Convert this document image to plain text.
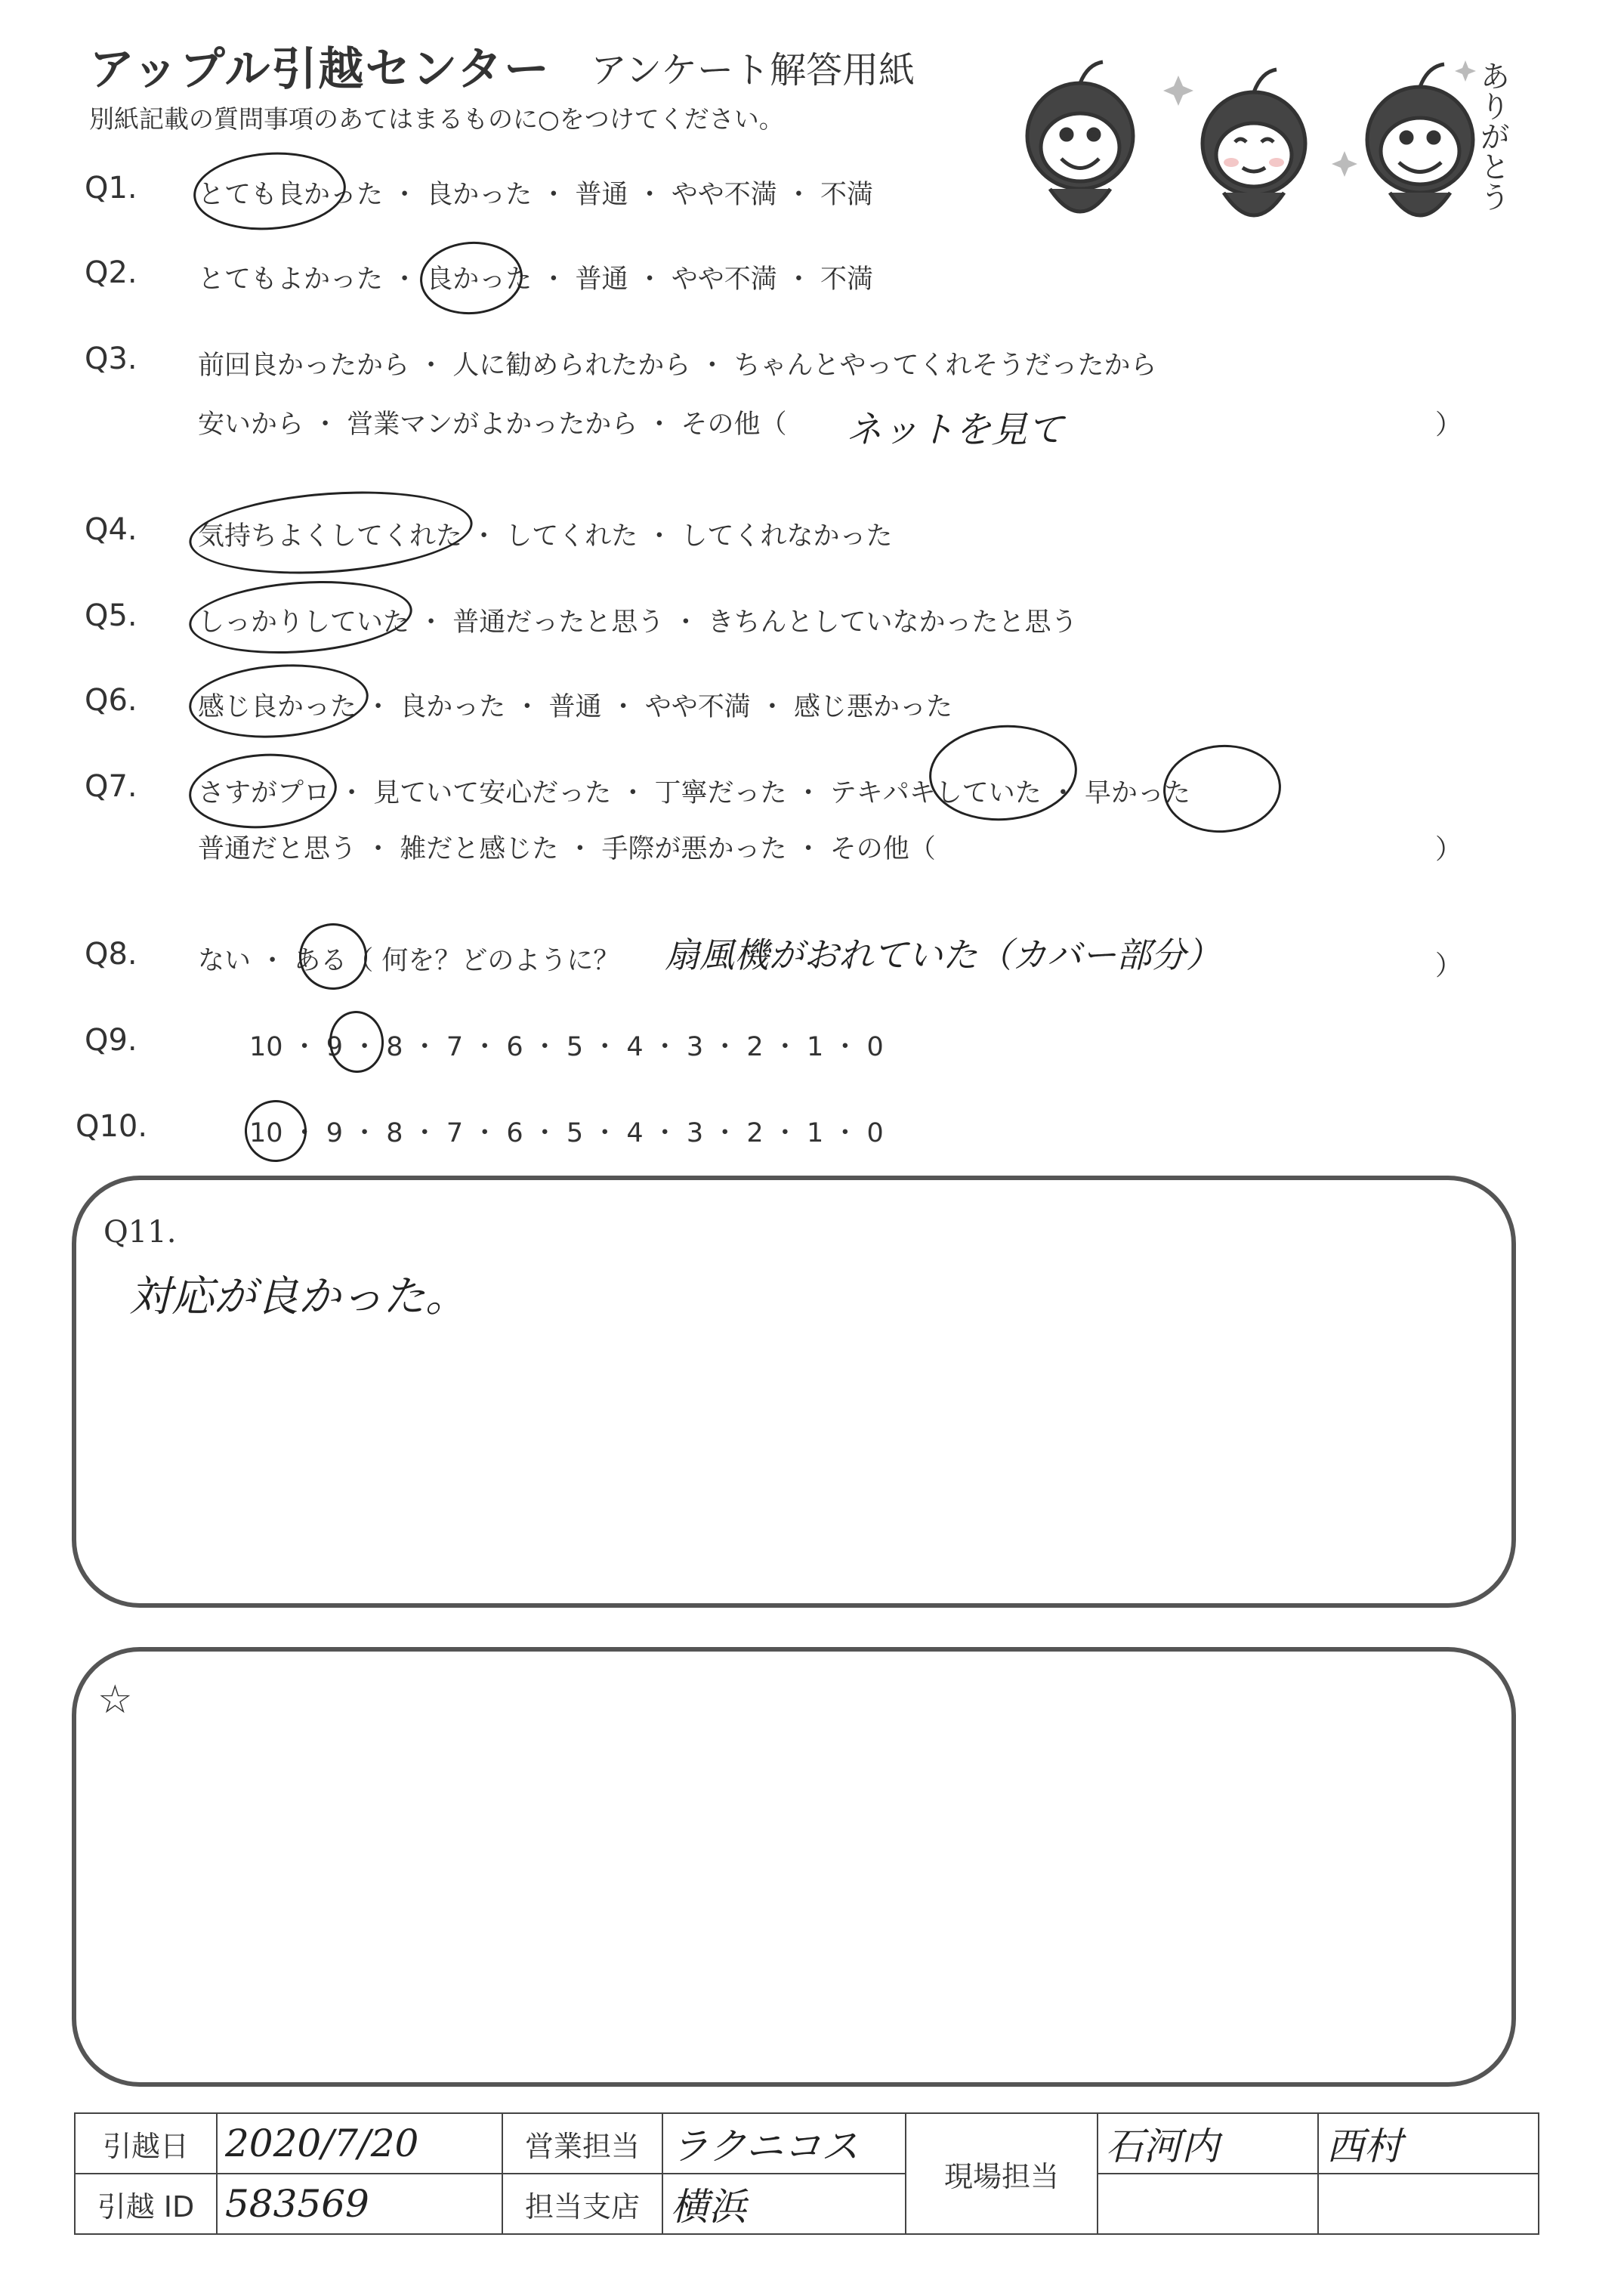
アップル引越センター アンケート解答用紙
別紙記載の質問事項のあてはまるものに○をつけてください。	ありがとう
Q1. とても良かった ・ 良かった ・ 普通 ・ やや不満 ・ 不満
Q2. とてもよかった ・ 良かった ・ 普通 ・ やや不満 ・ 不満
Q3. 前回良かったから ・ 人に勧められたから ・ ちゃんとやってくれそうだったから
安いから ・ 営業マンがよかったから ・ その他（ ネットを見て	）
Q4. 気持ちよくしてくれた ・ してくれた ・ してくれなかった
Q5. しっかりしていた ・ 普通だったと思う ・ きちんとしていなかったと思う
Q6. 感じ良かった ・ 良かった ・ 普通 ・ やや不満 ・ 感じ悪かった
Q7. さすがプロ ・ 見ていて安心だった ・ 丁寧だった ・ テキパキしていた ・ 早かった
普通だと思う ・ 雑だと感じた ・ 手際が悪かった ・ その他（	）
Q8. ない ・ ある（ 何を？どのように？ 扇風機がおれていた（カバー部分）	）
Q9.	10 ・ 9 ・ 8 ・ 7 ・ 6 ・ 5 ・ 4 ・ 3 ・ 2 ・ 1 ・ 0
Q10.	10 ・ 9 ・ 8 ・ 7 ・ 6 ・ 5 ・ 4 ・ 3 ・ 2 ・ 1 ・ 0
Q11.
対応が良かった。
☆
引越日	2020/7/20	営業担当	ラクニコス	現場担当	石河内	西村
引越 ID	583569	担当支店	横浜			
